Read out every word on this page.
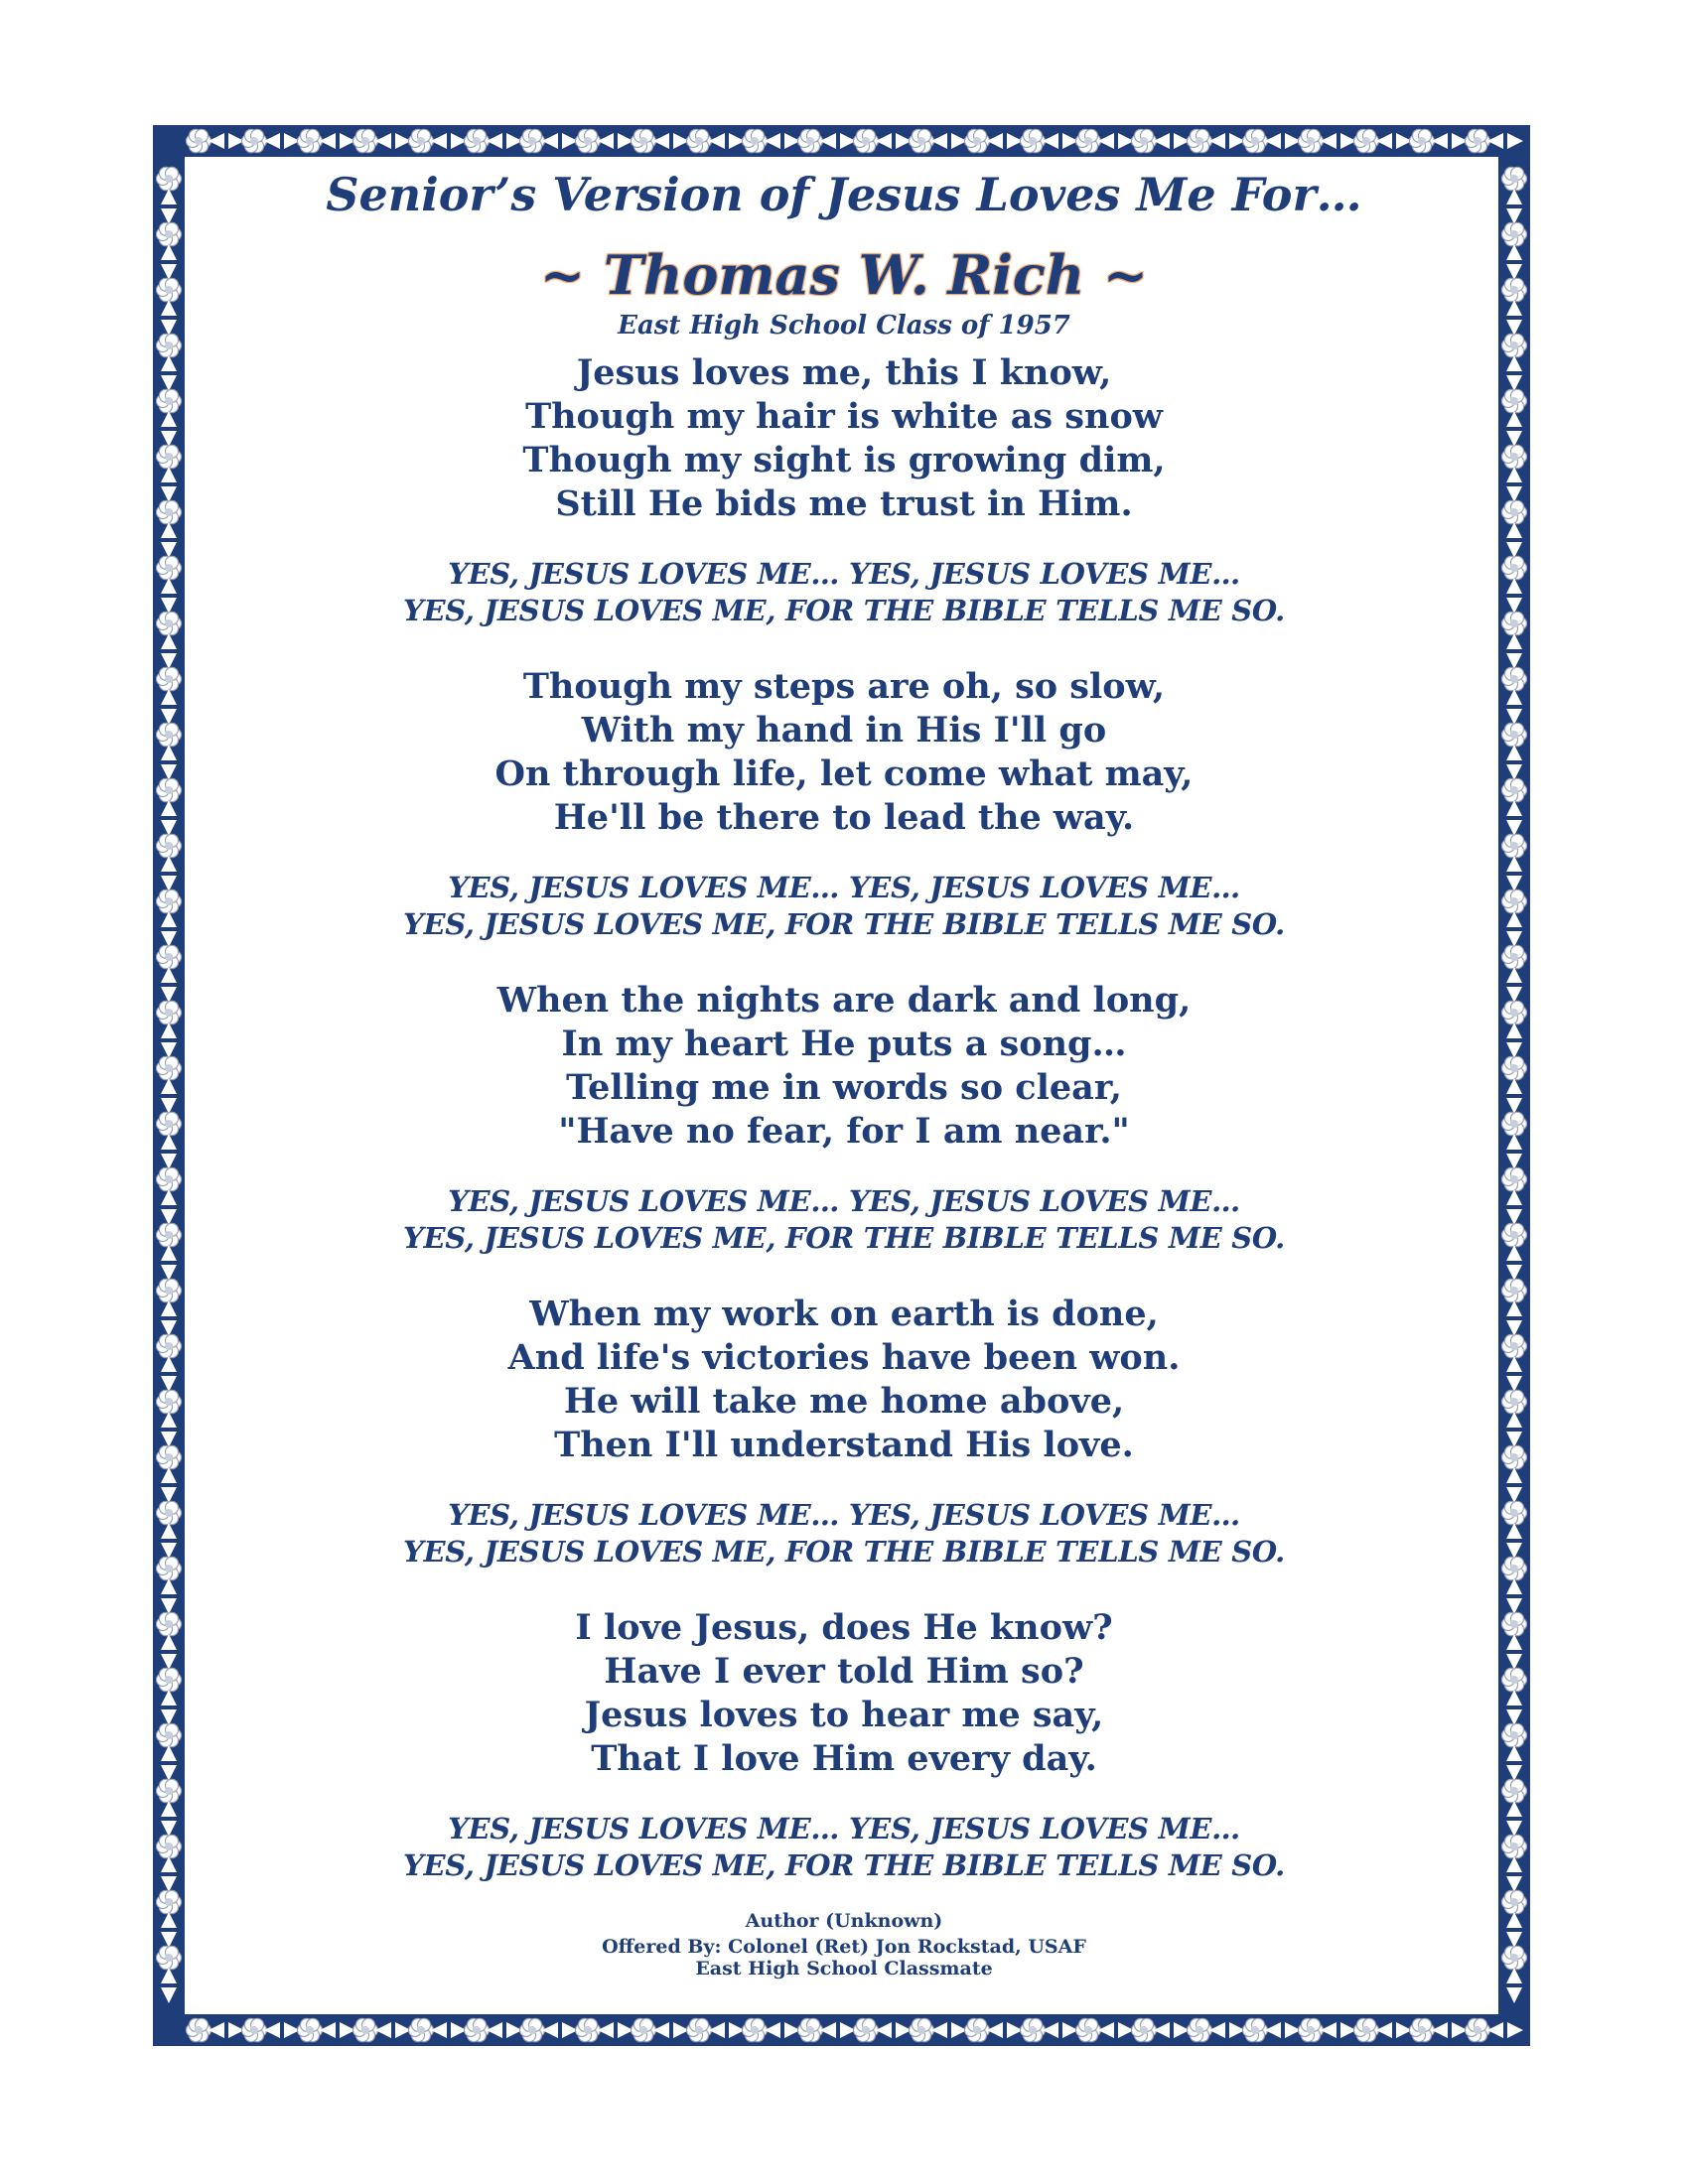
Senior’s Version of Jesus Loves Me For…

~ Thomas W. Rich ~

East High School Class of 1957

Jesus loves me, this I know,

Though my hair is white as snow

Though my sight is growing dim,

Still He bids me trust in Him.

YES, JESUS LOVES ME… YES, JESUS LOVES ME…

YES, JESUS LOVES ME, FOR THE BIBLE TELLS ME SO.

Though my steps are oh, so slow,

With my hand in His I'll go

On through life, let come what may,

He'll be there to lead the way.

YES, JESUS LOVES ME… YES, JESUS LOVES ME…

YES, JESUS LOVES ME, FOR THE BIBLE TELLS ME SO.

When the nights are dark and long,

In my heart He puts a song…

Telling me in words so clear,

"Have no fear, for I am near."

YES, JESUS LOVES ME… YES, JESUS LOVES ME…

YES, JESUS LOVES ME, FOR THE BIBLE TELLS ME SO.

When my work on earth is done,

And life's victories have been won.

He will take me home above,

Then I'll understand His love.

YES, JESUS LOVES ME… YES, JESUS LOVES ME…

YES, JESUS LOVES ME, FOR THE BIBLE TELLS ME SO.

I love Jesus, does He know?

Have I ever told Him so?

Jesus loves to hear me say,

That I love Him every day.

YES, JESUS LOVES ME… YES, JESUS LOVES ME…

YES, JESUS LOVES ME, FOR THE BIBLE TELLS ME SO.

Author (Unknown)

Offered By: Colonel (Ret) Jon Rockstad, USAF

East High School Classmate
